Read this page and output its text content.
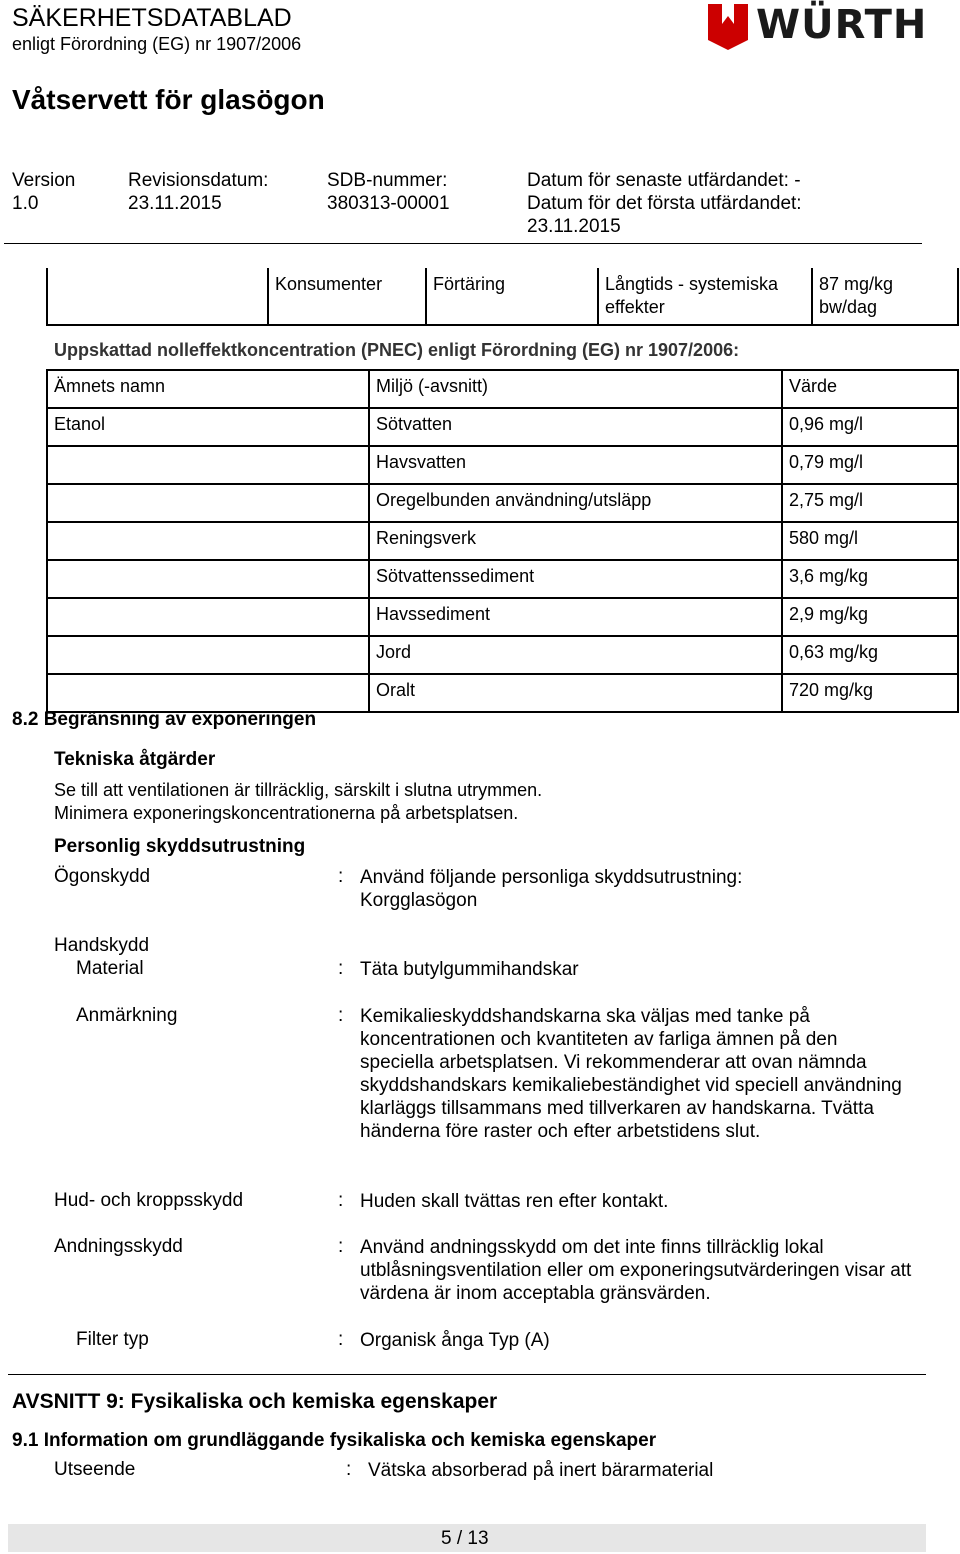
SÄKERHETSDATABLAD
enligt Förordning (EG) nr 1907/2006	WÜRTH
Våtservett för glasögon
Version
1.0
Revisionsdatum:
23.11.2015
SDB-nummer:
380313-00001
Datum för senaste utfärdandet: -
Datum för det första utfärdandet:
23.11.2015
	Konsumenter	Förtäring	Långtids - systemiska effekter	87 mg/kg bw/dag
Uppskattad nolleffektkoncentration (PNEC) enligt Förordning (EG) nr 1907/2006:
Ämnets namn	Miljö (-avsnitt)	Värde
Etanol	Sötvatten	0,96 mg/l
	Havsvatten	0,79 mg/l
	Oregelbunden användning/utsläpp	2,75 mg/l
	Reningsverk	580 mg/l
	Sötvattenssediment	3,6 mg/kg
	Havssediment	2,9 mg/kg
	Jord	0,63 mg/kg
	Oralt	720 mg/kg
8.2 Begränsning av exponeringen
Tekniska åtgärder
Se till att ventilationen är tillräcklig, särskilt i slutna utrymmen.
Minimera exponeringskoncentrationerna på arbetsplatsen.
Personlig skyddsutrustning
Ögonskydd	: Använd följande personliga skyddsutrustning: Korgglasögon
Handskydd
Material	: Täta butylgummihandskar
Anmärkning	: Kemikalieskyddshandskarna ska väljas med tanke på koncentrationen och kvantiteten av farliga ämnen på den speciella arbetsplatsen. Vi rekommenderar att ovan nämnda skyddshandskars kemikaliebeständighet vid speciell användning klarläggs tillsammans med tillverkaren av handskarna. Tvätta händerna före raster och efter arbetstidens slut.
Hud- och kroppsskydd	: Huden skall tvättas ren efter kontakt.
Andningsskydd	: Använd andningsskydd om det inte finns tillräcklig lokal utblåsningsventilation eller om exponeringsutvärderingen visar att värdena är inom acceptabla gränsvärden.
Filter typ	: Organisk ånga Typ (A)
AVSNITT 9: Fysikaliska och kemiska egenskaper
9.1 Information om grundläggande fysikaliska och kemiska egenskaper
Utseende	: Vätska absorberad på inert bärarmaterial
5 / 13
